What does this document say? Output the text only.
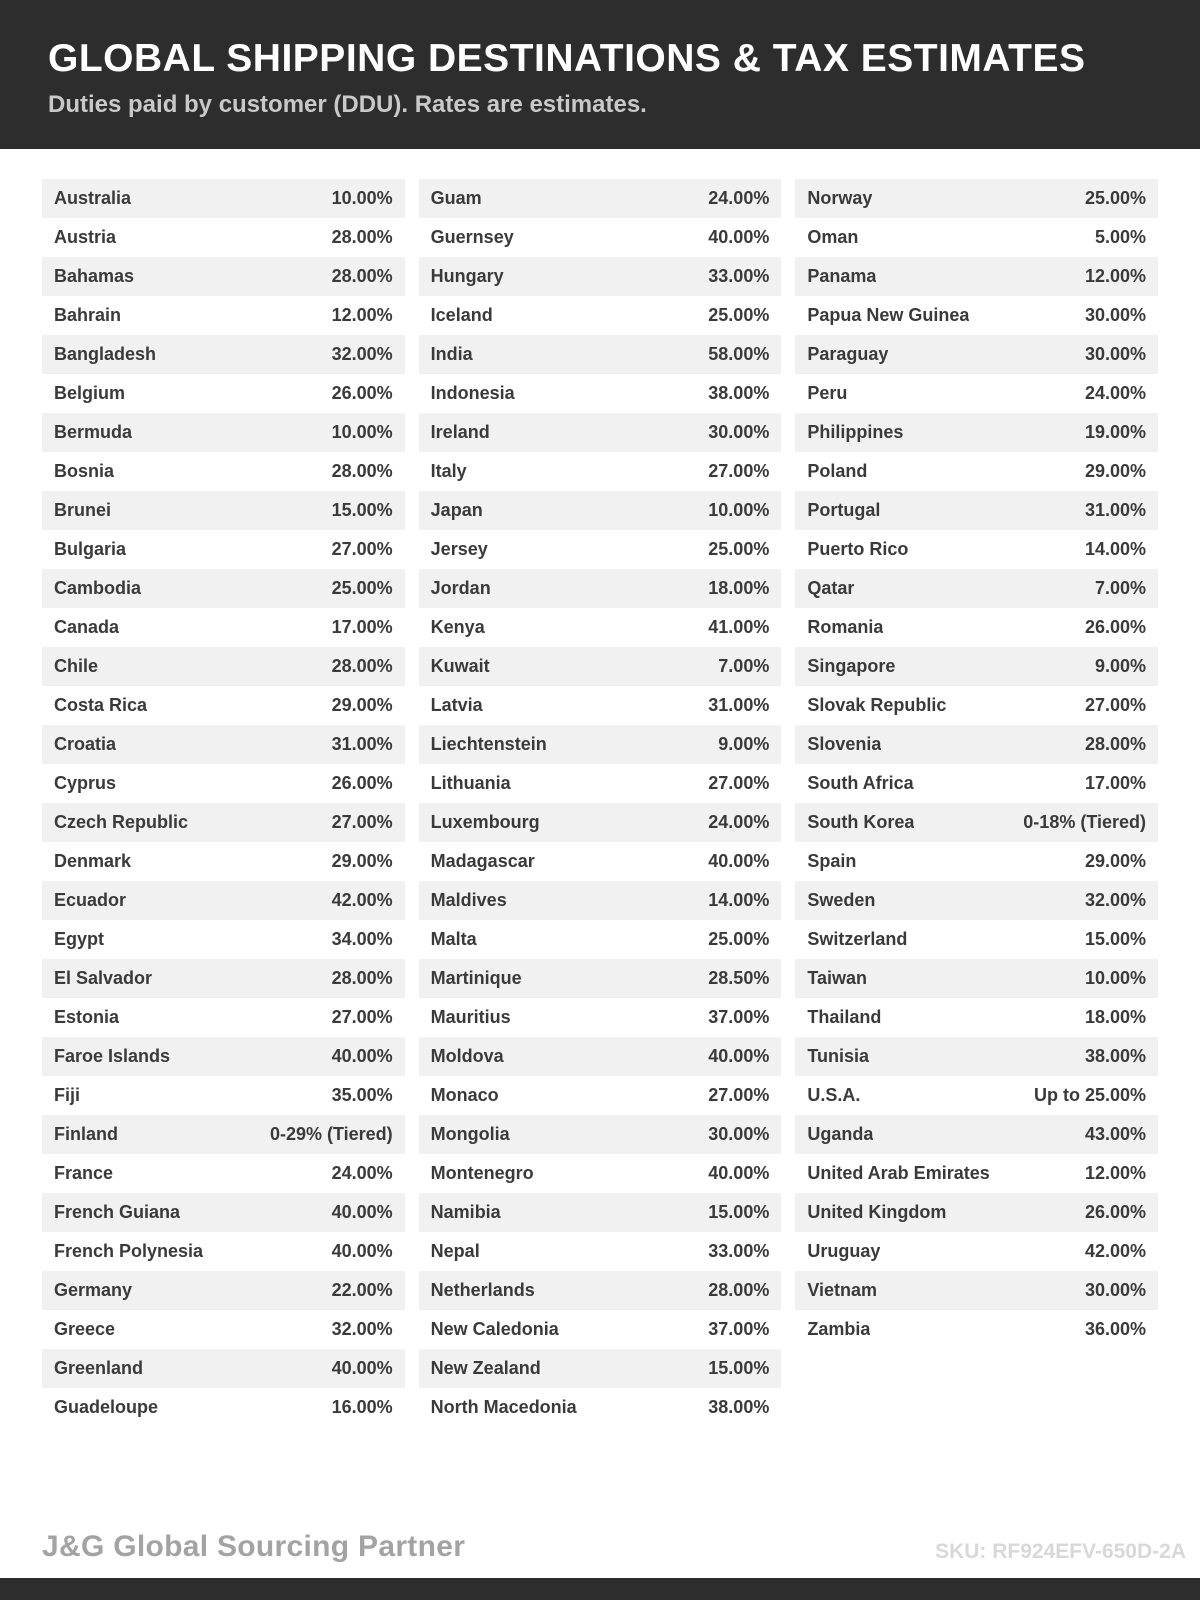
GLOBAL SHIPPING DESTINATIONS & TAX ESTIMATES

Duties paid by customer (DDU). Rates are estimates.

Australia	10.00%
Austria	28.00%
Bahamas	28.00%
Bahrain	12.00%
Bangladesh	32.00%
Belgium	26.00%
Bermuda	10.00%
Bosnia	28.00%
Brunei	15.00%
Bulgaria	27.00%
Cambodia	25.00%
Canada	17.00%
Chile	28.00%
Costa Rica	29.00%
Croatia	31.00%
Cyprus	26.00%
Czech Republic	27.00%
Denmark	29.00%
Ecuador	42.00%
Egypt	34.00%
El Salvador	28.00%
Estonia	27.00%
Faroe Islands	40.00%
Fiji	35.00%
Finland	0-29% (Tiered)
France	24.00%
French Guiana	40.00%
French Polynesia	40.00%
Germany	22.00%
Greece	32.00%
Greenland	40.00%
Guadeloupe	16.00%
Guam	24.00%
Guernsey	40.00%
Hungary	33.00%
Iceland	25.00%
India	58.00%
Indonesia	38.00%
Ireland	30.00%
Italy	27.00%
Japan	10.00%
Jersey	25.00%
Jordan	18.00%
Kenya	41.00%
Kuwait	7.00%
Latvia	31.00%
Liechtenstein	9.00%
Lithuania	27.00%
Luxembourg	24.00%
Madagascar	40.00%
Maldives	14.00%
Malta	25.00%
Martinique	28.50%
Mauritius	37.00%
Moldova	40.00%
Monaco	27.00%
Mongolia	30.00%
Montenegro	40.00%
Namibia	15.00%
Nepal	33.00%
Netherlands	28.00%
New Caledonia	37.00%
New Zealand	15.00%
North Macedonia	38.00%
Norway	25.00%
Oman	5.00%
Panama	12.00%
Papua New Guinea	30.00%
Paraguay	30.00%
Peru	24.00%
Philippines	19.00%
Poland	29.00%
Portugal	31.00%
Puerto Rico	14.00%
Qatar	7.00%
Romania	26.00%
Singapore	9.00%
Slovak Republic	27.00%
Slovenia	28.00%
South Africa	17.00%
South Korea	0-18% (Tiered)
Spain	29.00%
Sweden	32.00%
Switzerland	15.00%
Taiwan	10.00%
Thailand	18.00%
Tunisia	38.00%
U.S.A.	Up to 25.00%
Uganda	43.00%
United Arab Emirates	12.00%
United Kingdom	26.00%
Uruguay	42.00%
Vietnam	30.00%
Zambia	36.00%
J&G Global Sourcing Partner	SKU: RF924EFV-650D-2A
